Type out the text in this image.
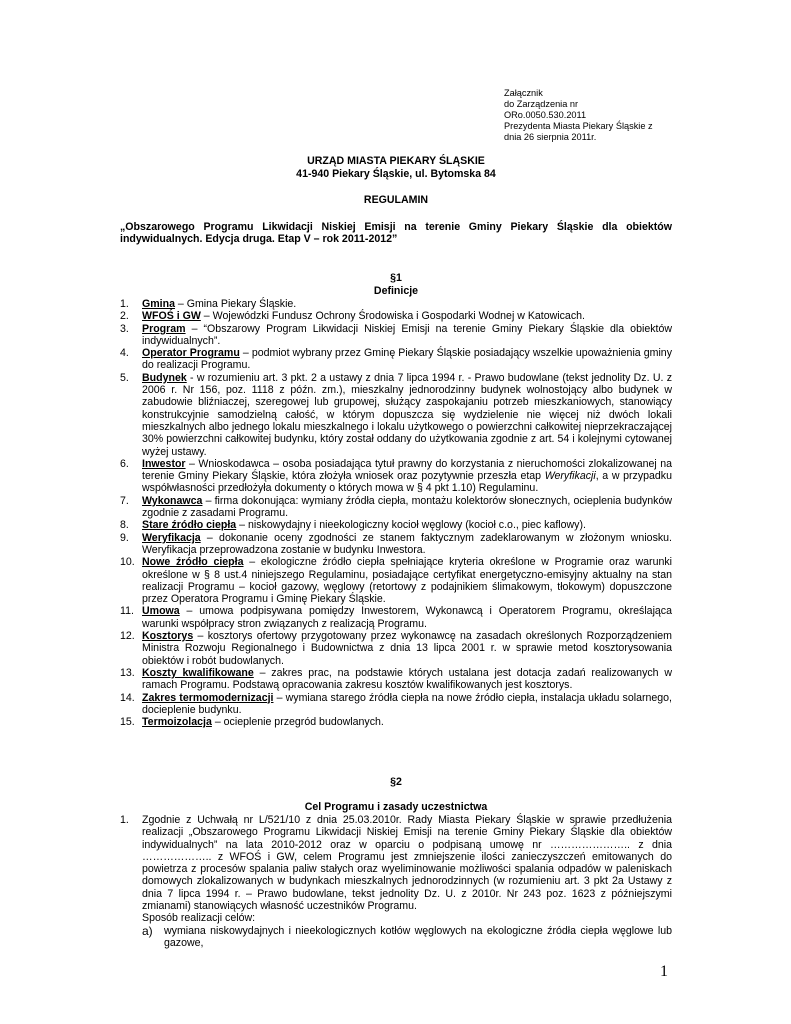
Załącznik
do Zarządzenia nr
ORo.0050.530.2011
Prezydenta Miasta Piekary Śląskie z
dnia 26 sierpnia 2011r.
URZĄD MIASTA PIEKARY ŚLĄSKIE
41-940 Piekary Śląskie, ul. Bytomska 84
REGULAMIN
„Obszarowego Programu Likwidacji Niskiej Emisji na terenie Gminy Piekary Śląskie dla obiektów indywidualnych. Edycja druga. Etap V – rok 2011-2012”
§1
Definicje
1. Gmina – Gmina Piekary Śląskie.
2. WFOŚ i GW – Wojewódzki Fundusz Ochrony Środowiska i Gospodarki Wodnej w Katowicach.
3. Program – “Obszarowy Program Likwidacji Niskiej Emisji na terenie Gminy Piekary Śląskie dla obiektów indywidualnych”.
4. Operator Programu – podmiot wybrany przez Gminę Piekary Śląskie posiadający wszelkie upoważnienia gminy do realizacji Programu.
5. Budynek - w rozumieniu art. 3 pkt. 2 a ustawy z dnia 7 lipca 1994 r. - Prawo budowlane (tekst jednolity Dz. U. z 2006 r. Nr 156, poz. 1118 z późn. zm.), mieszkalny jednorodzinny budynek wolnostojący albo budynek w zabudowie bliźniaczej, szeregowej lub grupowej, służący zaspokajaniu potrzeb mieszkaniowych, stanowiący konstrukcyjnie samodzielną całość, w którym dopuszcza się wydzielenie nie więcej niż dwóch lokali mieszkalnych albo jednego lokalu mieszkalnego i lokalu użytkowego o powierzchni całkowitej nieprzekraczającej 30% powierzchni całkowitej budynku, który został oddany do użytkowania zgodnie z art. 54 i kolejnymi cytowanej wyżej ustawy.
6. Inwestor – Wnioskodawca – osoba posiadająca tytuł prawny do korzystania z nieruchomości zlokalizowanej na terenie Gminy Piekary Śląskie, która złożyła wniosek oraz pozytywnie przeszła etap Weryfikacji, a w przypadku współwłasności przedłożyła dokumenty o których mowa w § 4 pkt 1.10) Regulaminu.
7. Wykonawca – firma dokonująca: wymiany źródła ciepła, montażu kolektorów słonecznych, ocieplenia budynków zgodnie z zasadami Programu.
8. Stare źródło ciepła – niskowydajny i nieekologiczny kocioł węglowy (kocioł c.o., piec kaflowy).
9. Weryfikacja – dokonanie oceny zgodności ze stanem faktycznym zadeklarowanym w złożonym wniosku. Weryfikacja przeprowadzona zostanie w budynku Inwestora.
10. Nowe źródło ciepła – ekologiczne źródło ciepła spełniające kryteria określone w Programie oraz warunki określone w § 8 ust.4 niniejszego Regulaminu, posiadające certyfikat energetyczno-emisyjny aktualny na stan realizacji Programu – kocioł gazowy, węglowy (retortowy z podajnikiem ślimakowym, tłokowym) dopuszczone przez Operatora Programu i Gminę Piekary Śląskie.
11. Umowa – umowa podpisywana pomiędzy Inwestorem, Wykonawcą i Operatorem Programu, określająca warunki współpracy stron związanych z realizacją Programu.
12. Kosztorys – kosztorys ofertowy przygotowany przez wykonawcę na zasadach określonych Rozporządzeniem Ministra Rozwoju Regionalnego i Budownictwa z dnia 13 lipca 2001 r. w sprawie metod kosztorysowania obiektów i robót budowlanych.
13. Koszty kwalifikowane – zakres prac, na podstawie których ustalana jest dotacja zadań realizowanych w ramach Programu. Podstawą opracowania zakresu kosztów kwalifikowanych jest kosztorys.
14. Zakres termomodernizacji – wymiana starego źródła ciepła na nowe źródło ciepła, instalacja układu solarnego, docieplenie budynku.
15. Termoizolacja – ocieplenie przegród budowlanych.
§2
Cel Programu i zasady uczestnictwa
1. Zgodnie z Uchwałą nr L/521/10 z dnia 25.03.2010r. Rady Miasta Piekary Śląskie w sprawie przedłużenia realizacji „Obszarowego Programu Likwidacji Niskiej Emisji na terenie Gminy Piekary Śląskie dla obiektów indywidualnych” na lata 2010-2012 oraz w oparciu o podpisaną umowę nr ………………….. z dnia ……………….. z WFOŚ i GW, celem Programu jest zmniejszenie ilości zanieczyszczeń emitowanych do powietrza z procesów spalania paliw stałych oraz wyeliminowanie możliwości spalania odpadów w paleniskach domowych zlokalizowanych w budynkach mieszkalnych jednorodzinnych (w rozumieniu art. 3 pkt 2a Ustawy z dnia 7 lipca 1994 r. – Prawo budowlane, tekst jednolity Dz. U. z 2010r. Nr 243 poz. 1623 z późniejszymi zmianami) stanowiących własność uczestników Programu.
Sposób realizacji celów:
a) wymiana niskowydajnych i nieekologicznych kotłów węglowych na ekologiczne źródła ciepła węglowe lub gazowe,
1
